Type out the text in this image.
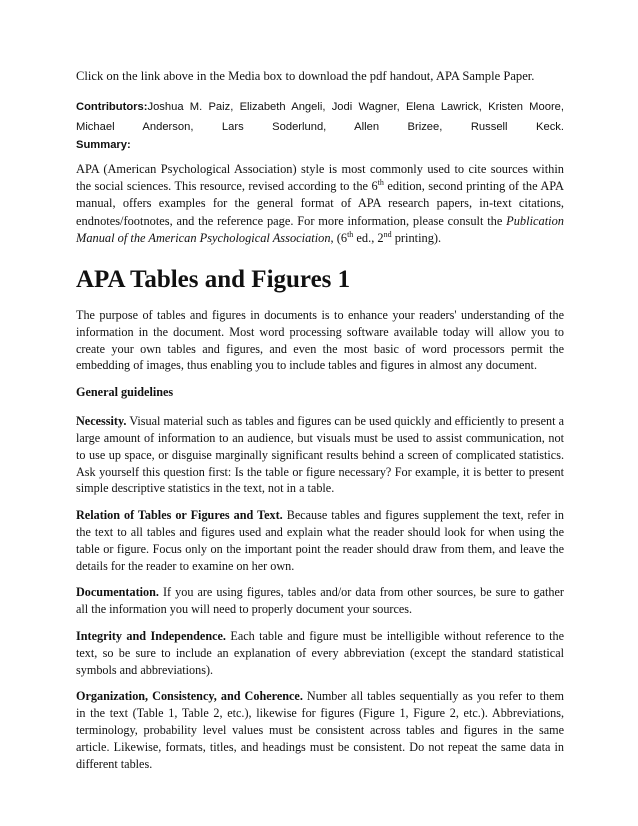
Click on the link above in the Media box to download the pdf handout, APA Sample Paper.

Contributors:Joshua M. Paiz, Elizabeth Angeli, Jodi Wagner, Elena Lawrick, Kristen Moore, Michael Anderson, Lars Soderlund, Allen Brizee, Russell Keck.

Summary:

APA (American Psychological Association) style is most commonly used to cite sources within the social sciences. This resource, revised according to the 6th edition, second printing of the APA manual, offers examples for the general format of APA research papers, in-text citations, endnotes/footnotes, and the reference page. For more information, please consult the Publication Manual of the American Psychological Association, (6th ed., 2nd printing).

APA Tables and Figures 1

The purpose of tables and figures in documents is to enhance your readers' understanding of the information in the document. Most word processing software available today will allow you to create your own tables and figures, and even the most basic of word processors permit the embedding of images, thus enabling you to include tables and figures in almost any document.

General guidelines

Necessity. Visual material such as tables and figures can be used quickly and efficiently to present a large amount of information to an audience, but visuals must be used to assist communication, not to use up space, or disguise marginally significant results behind a screen of complicated statistics. Ask yourself this question first: Is the table or figure necessary? For example, it is better to present simple descriptive statistics in the text, not in a table.

Relation of Tables or Figures and Text. Because tables and figures supplement the text, refer in the text to all tables and figures used and explain what the reader should look for when using the table or figure. Focus only on the important point the reader should draw from them, and leave the details for the reader to examine on her own.

Documentation. If you are using figures, tables and/or data from other sources, be sure to gather all the information you will need to properly document your sources.

Integrity and Independence. Each table and figure must be intelligible without reference to the text, so be sure to include an explanation of every abbreviation (except the standard statistical symbols and abbreviations).

Organization, Consistency, and Coherence. Number all tables sequentially as you refer to them in the text (Table 1, Table 2, etc.), likewise for figures (Figure 1, Figure 2, etc.). Abbreviations, terminology, probability level values must be consistent across tables and figures in the same article. Likewise, formats, titles, and headings must be consistent. Do not repeat the same data in different tables.
